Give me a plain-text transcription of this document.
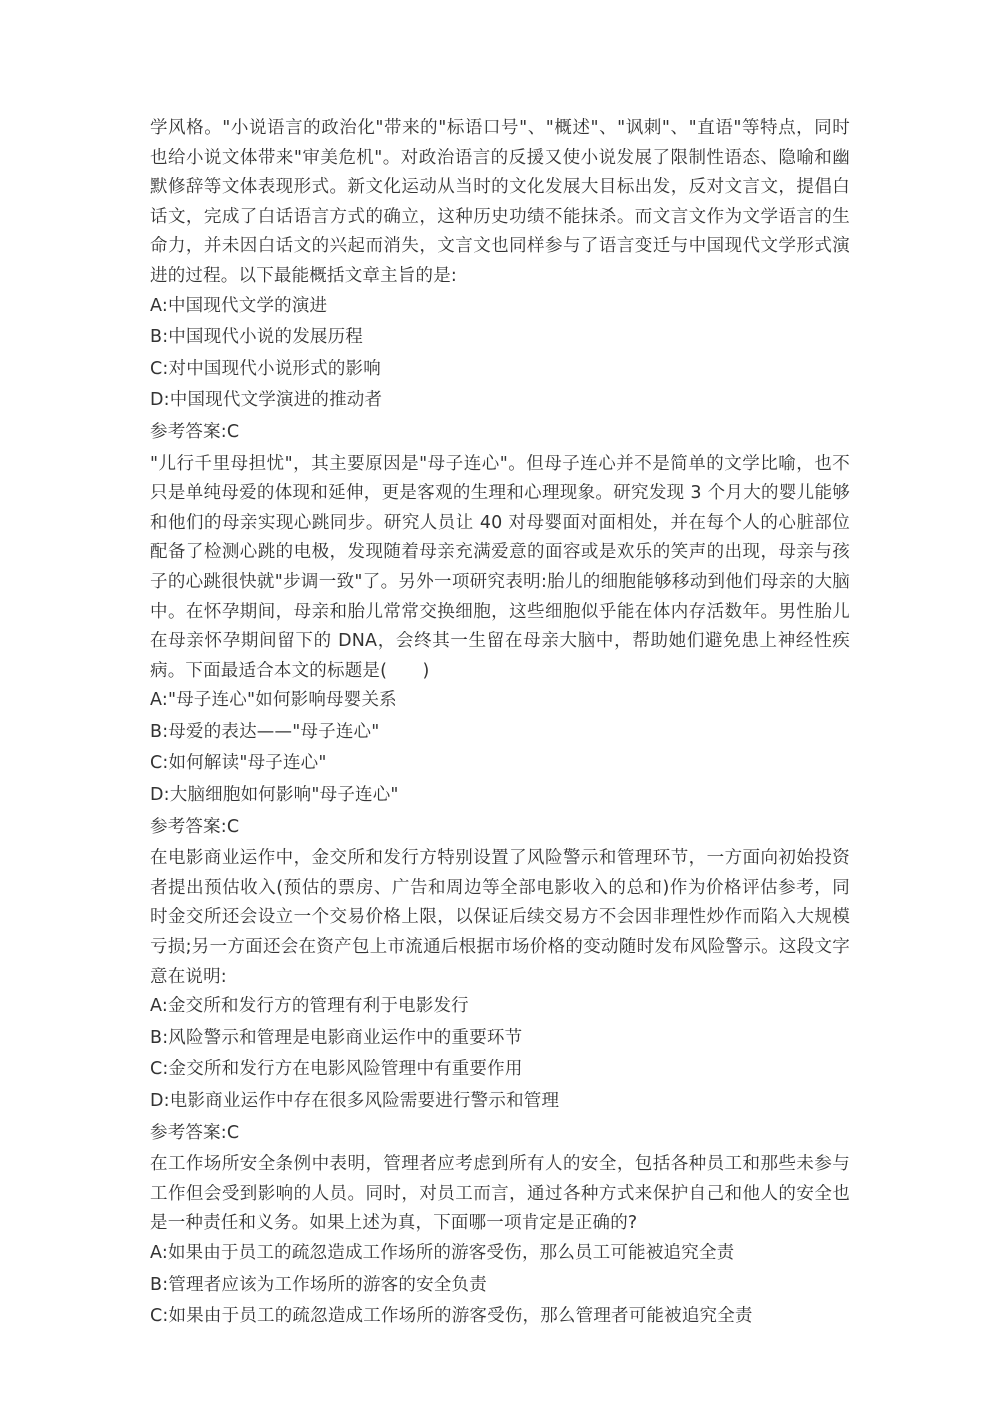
学风格。"小说语言的政治化"带来的"标语口号"、"概述"、"讽刺"、"直语"等特点，同时也给小说文体带来"审美危机"。对政治语言的反援又使小说发展了限制性语态、隐喻和幽默修辞等文体表现形式。新文化运动从当时的文化发展大目标出发，反对文言文，提倡白话文，完成了白话语言方式的确立，这种历史功绩不能抹杀。而文言文作为文学语言的生命力，并未因白话文的兴起而消失，文言文也同样参与了语言变迁与中国现代文学形式演进的过程。以下最能概括文章主旨的是:

A:中国现代文学的演进

B:中国现代小说的发展历程

C:对中国现代小说形式的影响

D:中国现代文学演进的推动者

参考答案:C

"儿行千里母担忧"，其主要原因是"母子连心"。但母子连心并不是简单的文学比喻，也不只是单纯母爱的体现和延伸，更是客观的生理和心理现象。研究发现 3 个月大的婴儿能够和他们的母亲实现心跳同步。研究人员让 40 对母婴面对面相处，并在每个人的心脏部位配备了检测心跳的电极，发现随着母亲充满爱意的面容或是欢乐的笑声的出现，母亲与孩子的心跳很快就"步调一致"了。另外一项研究表明:胎儿的细胞能够移动到他们母亲的大脑中。在怀孕期间，母亲和胎儿常常交换细胞，这些细胞似乎能在体内存活数年。男性胎儿在母亲怀孕期间留下的 DNA，会终其一生留在母亲大脑中，帮助她们避免患上神经性疾病。下面最适合本文的标题是(　　)

A:"母子连心"如何影响母婴关系

B:母爱的表达——"母子连心"

C:如何解读"母子连心"

D:大脑细胞如何影响"母子连心"

参考答案:C

在电影商业运作中，金交所和发行方特别设置了风险警示和管理环节，一方面向初始投资者提出预估收入(预估的票房、广告和周边等全部电影收入的总和)作为价格评估参考，同时金交所还会设立一个交易价格上限，以保证后续交易方不会因非理性炒作而陷入大规模亏损;另一方面还会在资产包上市流通后根据市场价格的变动随时发布风险警示。这段文字意在说明:

A:金交所和发行方的管理有利于电影发行

B:风险警示和管理是电影商业运作中的重要环节

C:金交所和发行方在电影风险管理中有重要作用

D:电影商业运作中存在很多风险需要进行警示和管理

参考答案:C

在工作场所安全条例中表明，管理者应考虑到所有人的安全，包括各种员工和那些未参与工作但会受到影响的人员。同时，对员工而言，通过各种方式来保护自己和他人的安全也是一种责任和义务。如果上述为真，下面哪一项肯定是正确的?

A:如果由于员工的疏忽造成工作场所的游客受伤，那么员工可能被追究全责

B:管理者应该为工作场所的游客的安全负责

C:如果由于员工的疏忽造成工作场所的游客受伤，那么管理者可能被追究全责
